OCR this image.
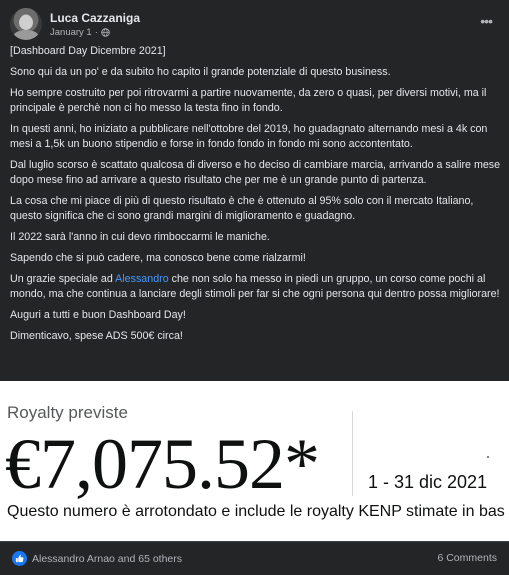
Luca Cazzaniga
January 1 ·
•••

[Dashboard Day Dicembre 2021]

Sono qui da un po' e da subito ho capito il grande potenziale di questo business.

Ho sempre costruito per poi ritrovarmi a partire nuovamente, da zero o quasi, per diversi motivi, ma il principale è perchè non ci ho messo la testa fino in fondo.

In questi anni, ho iniziato a pubblicare nell'ottobre del 2019, ho guadagnato alternando mesi a 4k con mesi a 1,5k un buono stipendio e forse in fondo fondo in fondo mi sono accontentato.

Dal luglio scorso è scattato qualcosa di diverso e ho deciso di cambiare marcia, arrivando a salire mese dopo mese fino ad arrivare a questo risultato che per me è un grande punto di partenza.

La cosa che mi piace di più di questo risultato è che è ottenuto al 95% solo con il mercato Italiano, questo significa che ci sono grandi margini di miglioramento e guadagno.

Il 2022 sarà l'anno in cui devo rimboccarmi le maniche.

Sapendo che si può cadere, ma conosco bene come rialzarmi!

Un grazie speciale ad Alessandro che non solo ha messo in piedi un gruppo, un corso come pochi al mondo, ma che continua a lanciare degli stimoli per far si che ogni persona qui dentro possa migliorare!

Auguri a tutti e buon Dashboard Day!

Dimenticavo, spese ADS 500€ circa!

Royalty previste
€7,075.52*	1 - 31 dic 2021
Questo numero è arrotondato e include le royalty KENP stimate in bas
Alessandro Arnao and 65 others	6 Comments
